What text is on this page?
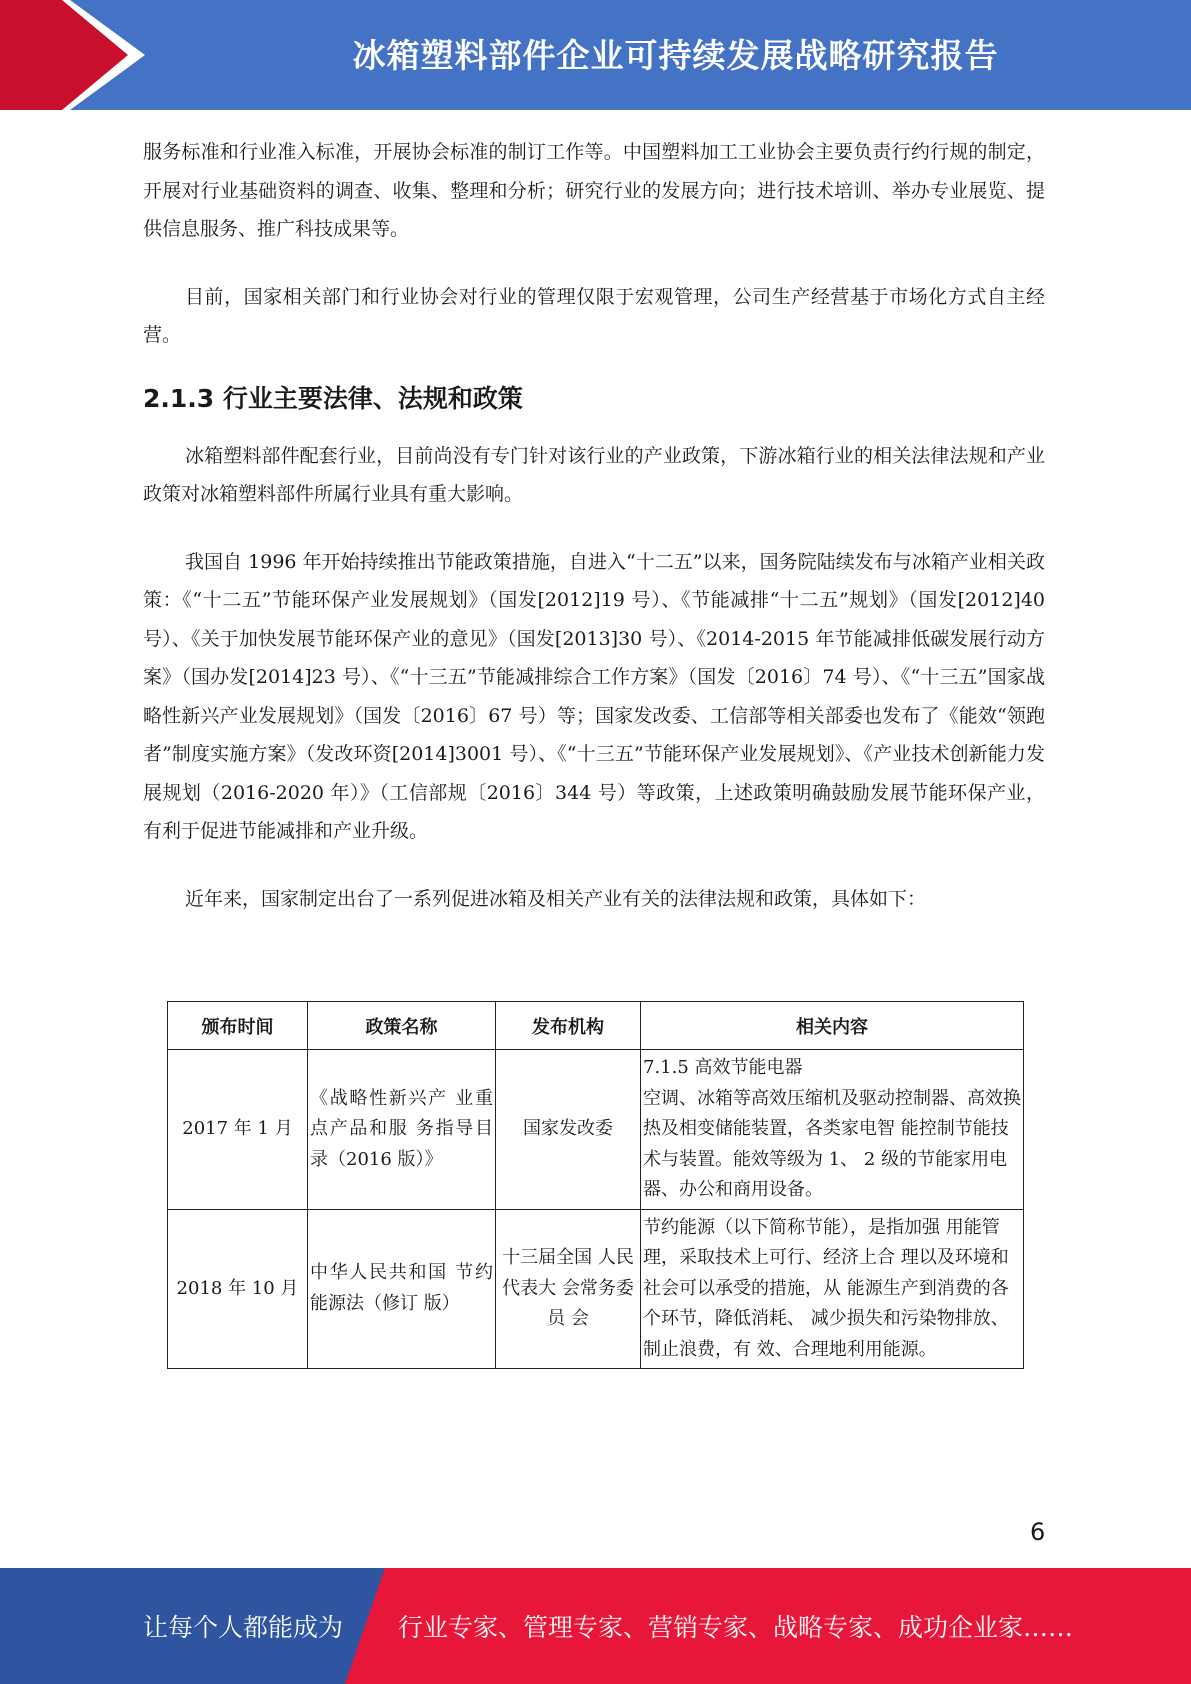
冰箱塑料部件企业可持续发展战略研究报告

服务标准和行业准入标准，开展协会标准的制订工作等。中国塑料加工工业协会主要负责行约行规的制定，开展对行业基础资料的调查、收集、整理和分析；研究行业的发展方向；进行技术培训、举办专业展览、提供信息服务、推广科技成果等。

目前，国家相关部门和行业协会对行业的管理仅限于宏观管理，公司生产经营基于市场化方式自主经营。

2.1.3 行业主要法律、法规和政策

冰箱塑料部件配套行业，目前尚没有专门针对该行业的产业政策，下游冰箱行业的相关法律法规和产业政策对冰箱塑料部件所属行业具有重大影响。

我国自 1996 年开始持续推出节能政策措施，自进入“十二五”以来，国务院陆续发布与冰箱产业相关政策：《“十二五”节能环保产业发展规划》（国发[2012]19 号）、《节能减排“十二五”规划》（国发[2012]40 号）、《关于加快发展节能环保产业的意见》（国发[2013]30 号）、《2014-2015 年节能减排低碳发展行动方案》（国办发[2014]23 号）、《“十三五”节能减排综合工作方案》（国发〔2016〕74 号）、《“十三五”国家战略性新兴产业发展规划》（国发〔2016〕67 号）等；国家发改委、工信部等相关部委也发布了《能效“领跑者”制度实施方案》（发改环资[2014]3001 号）、《“十三五”节能环保产业发展规划》、《产业技术创新能力发展规划（2016-2020 年）》（工信部规〔2016〕344 号）等政策，上述政策明确鼓励发展节能环保产业，有利于促进节能减排和产业升级。

近年来，国家制定出台了一系列促进冰箱及相关产业有关的法律法规和政策，具体如下：

颁布时间	政策名称	发布机构	相关内容
2017 年 1 月	《战略性新兴产 业重点产品和服 务指导目录（2016 版）》	国家发改委	7.1.5 高效节能电器
空调、冰箱等高效压缩机及驱动控制器、高效换热及相变储能装置，各类家电智 能控制节能技术与装置。能效等级为 1、 2 级的节能家用电器、办公和商用设备。

2018 年 10 月	中华人民共和国 节约能源法（修订 版）	十三届全国 人民代表大 会常务委员 会	节约能源（以下简称节能），是指加强 用能管理，采取技术上可行、经济上合 理以及环境和社会可以承受的措施，从 能源生产到消费的各个环节，降低消耗、 减少损失和污染物排放、制止浪费，有 效、合理地利用能源。
6
让每个人都能成为 行业专家、管理专家、营销专家、战略专家、成功企业家……
